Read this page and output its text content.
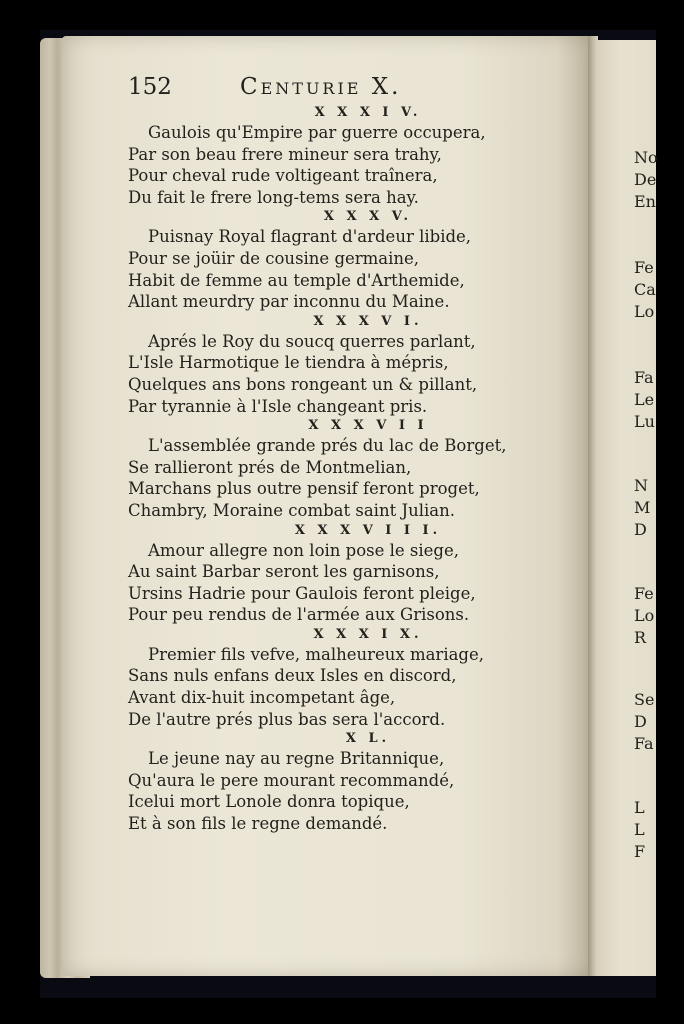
152	Centurie X.
X X X I V.
Gaulois qu'Empire par guerre occupera,
Par son beau frere mineur sera trahy,
Pour cheval rude voltigeant traînera,
Du fait le frere long-tems sera hay.
X X X V.
Puisnay Royal flagrant d'ardeur libide,
Pour se joüir de cousine germaine,
Habit de femme au temple d'Arthemide,
Allant meurdry par inconnu du Maine.
X X X V I.
Aprés le Roy du soucq querres parlant,
L'Isle Harmotique le tiendra à mépris,
Quelques ans bons rongeant un & pillant,
Par tyrannie à l'Isle changeant pris.
X X X V I I
L'assemblée grande prés du lac de Borget,
Se rallieront prés de Montmelian,
Marchans plus outre pensif feront proget,
Chambry, Moraine combat saint Julian.
X X X V I I I.
Amour allegre non loin pose le siege,
Au saint Barbar seront les garnisons,
Ursins Hadrie pour Gaulois feront pleige,
Pour peu rendus de l'armée aux Grisons.
X X X I X.
Premier fils vefve, malheureux mariage,
Sans nuls enfans deux Isles en discord,
Avant dix-huit incompetant âge,
De l'autre prés plus bas sera l'accord.
X L.
Le jeune nay au regne Britannique,
Qu'aura le pere mourant recommandé,
Icelui mort Lonole donra topique,
Et à son fils le regne demandé.
No
De
En
Fe
Ca
Lo
Fa
Le
Lu
N
M
D
Fe
Lo
R
Se
D
Fa
L
L
F
